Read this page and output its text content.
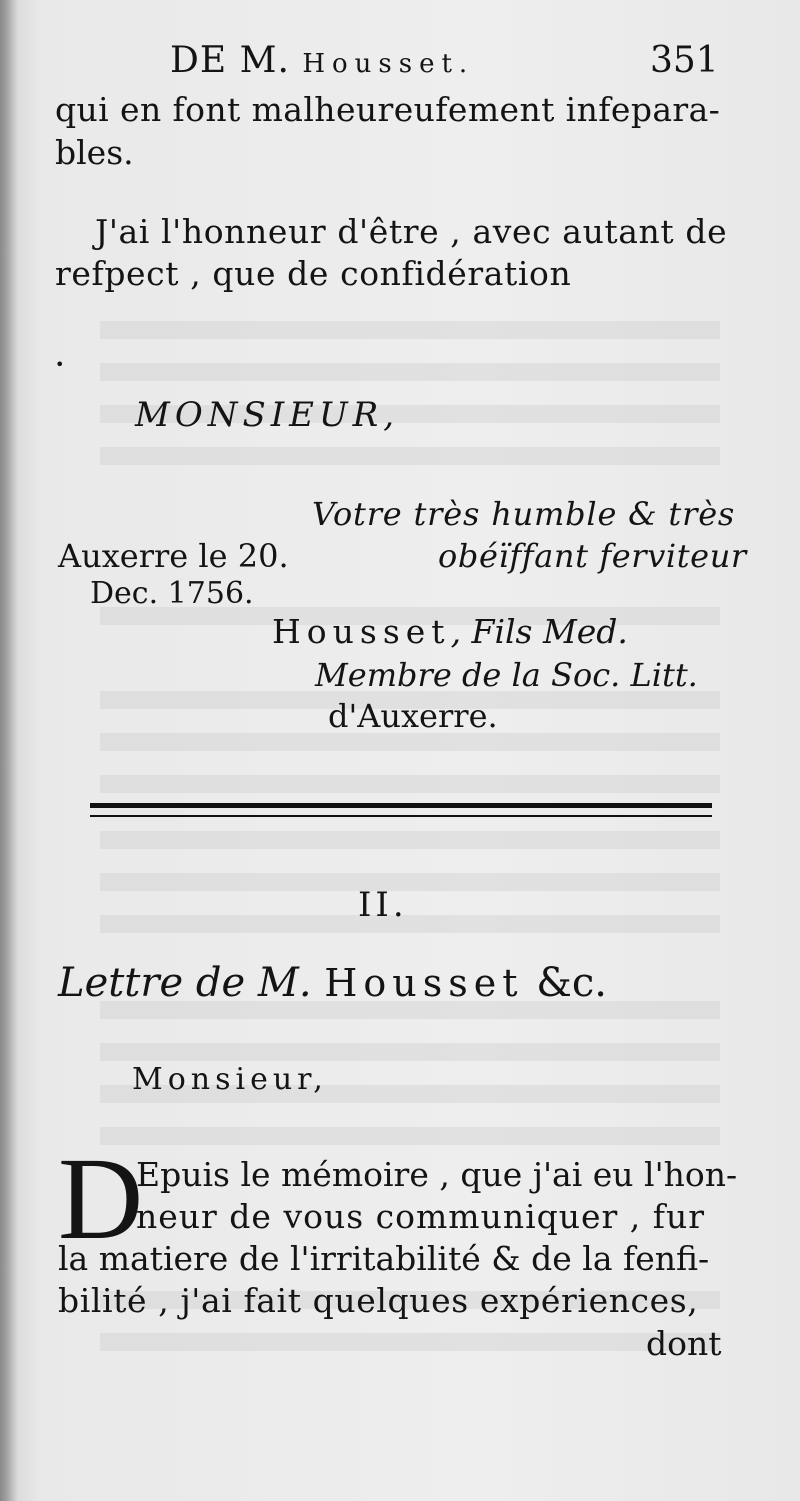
DE M. Housset.	351
qui en font malheureufement infepara-
bles.
J'ai l'honneur d'être , avec autant de
refpect , que de confidération
•
MONSIEUR,
Votre très humble & très
Auxerre le 20.	obéïffant ferviteur
Dec. 1756.
Housset, Fils Med.
Membre de la Soc. Litt.
d'Auxerre.
II.
Lettre de M. Housset &c.
Monsieur,
D
Epuis le mémoire , que j'ai eu l'hon-
neur de vous communiquer , fur
la matiere de l'irritabilité & de la fenfi-
bilité , j'ai fait quelques expériences,
dont
